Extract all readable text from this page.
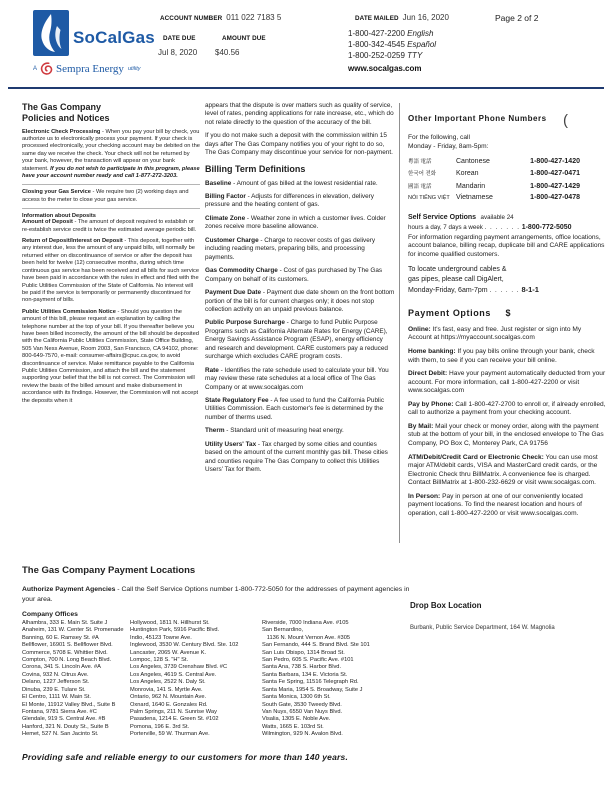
SoCalGas
A Sempra Energy utility
ACCOUNT NUMBER 011 022 7183 5
DATE DUE	AMOUNT DUE
Jul 8, 2020 $40.56
DATE MAILED Jun 16, 2020	Page 2 of 2
1-800-427-2200 English
1-800-342-4545 Español
1-800-252-0259 TTY
www.socalgas.com
The Gas Company
Policies and Notices

Electronic Check Processing - When you pay your bill by check, you authorize us to electronically process your payment. If your check is processed electronically, your checking account may be debited on the same day we receive the check. Your check will not be returned by your bank, however, the transaction will appear on your bank statement. If you do not wish to participate in this program, please have your account number ready and call 1-877-272-3203.

Closing your Gas Service - We require two (2) working days and access to the meter to close your gas service.

Information about Deposits

Amount of Deposit - The amount of deposit required to establish or re-establish service credit is twice the estimated average periodic bill.

Return of Deposit/Interest on Deposit - This deposit, together with any interest due, less the amount of any unpaid bills, will normally be returned either on discontinuance of service or after the deposit has been held for twelve (12) consecutive months, during which time continuous gas service has been received and all bills for such service have been paid in accordance with the rules in effect and filed with the Public Utilities Commission of the State of California. No interest will be paid if the service is temporarily or permanently discontinued for non-payment of bills.

Public Utilities Commission Notice - Should you question the amount of this bill, please request an explanation by calling the telephone number at the top of your bill. If you thereafter believe you have been billed incorrectly, the amount of the bill should be deposited with the California Public Utilities Commission, State Office Building, 505 Van Ness Avenue, Room 2003, San Francisco, CA 94102, phone: 800-649-7570, e-mail: consumer-affairs@cpuc.ca.gov, to avoid discontinuance of service. Make remittance payable to the California Public Utilities Commission, and attach the bill and the statement supporting your belief that the bill is not correct. The Commission will review the basis of the billed amount and make disbursement in accordance with its findings. However, the Commission will not accept the deposits when it

appears that the dispute is over matters such as quality of service, level of rates, pending applications for rate increase, etc., which do not relate directly to the question of the accuracy of the bill.

If you do not make such a deposit with the commission within 15 days after The Gas Company notifies you of your right to do so, The Gas Company may discontinue your service for non-payment.

Billing Term Definitions

Baseline - Amount of gas billed at the lowest residential rate.

Billing Factor - Adjusts for differences in elevation, delivery pressure and the heating content of gas.

Climate Zone - Weather zone in which a customer lives. Colder zones receive more baseline allowance.

Customer Charge - Charge to recover costs of gas delivery including reading meters, preparing bills, and processing payments.

Gas Commodity Charge - Cost of gas purchased by The Gas Company on behalf of its customers.

Payment Due Date - Payment due date shown on the front bottom portion of the bill is for current charges only; it does not stop collection activity on an unpaid previous balance.

Public Purpose Surcharge - Charge to fund Public Purpose Programs such as California Alternate Rates for Energy (CARE), Energy Savings Assistance Program (ESAP), energy efficiency and research and development. CARE customers pay a reduced surcharge which excludes CARE program costs.

Rate - Identifies the rate schedule used to calculate your bill. You may review these rate schedules at a local office of The Gas Company or at www.socalgas.com

State Regulatory Fee - A fee used to fund the California Public Utilities Commission. Each customer's fee is determined by the number of therms used.

Therm - Standard unit of measuring heat energy.

Utility Users' Tax - Tax charged by some cities and counties based on the amount of the current monthly gas bill. These cities and counties require The Gas Company to collect this Utilities Users' Tax for them.

Other Important Phone Numbers (

For the following, call
Monday - Friday, 8am-5pm:

粵語 電話	Cantonese	1-800-427-1420
한국어 전화	Korean	1-800-427-0471
國語 電話	Mandarin	1-800-427-1429
NÓI TIẾNG VIỆT Vietnamese	1-800-427-0478
Self Service Options available 24
hours a day, 7 days a week . . . . . . . 1-800-772-5050

For information regarding payment arrangements, office locations, account balance, billing recap, duplicate bill and CARE applications for income qualified customers.

To locate underground cables &
gas pipes, please call DigAlert,
Monday-Friday, 6am-7pm . . . . . . 8-1-1
Payment Options $

Online: It's fast, easy and free. Just register or sign into My Account at https://myaccount.socalgas.com

Home banking: If you pay bills online through your bank, check with them, to see if you can receive your bill online.

Direct Debit: Have your payment automatically deducted from your account. For more information, call 1-800-427-2200 or visit www.socalgas.com

Pay by Phone: Call 1-800-427-2700 to enroll or, if already enrolled, call to authorize a payment from your checking account.

By Mail: Mail your check or money order, along with the payment stub at the bottom of your bill, in the enclosed envelope to The Gas Company, PO Box C, Monterey Park, CA 91756

ATM/Debit/Credit Card or Electronic Check: You can use most major ATM/debit cards, VISA and MasterCard credit cards, or the Electronic Check thru BillMatrix. A convenience fee is charged. Contact BillMatrix at 1-800-232-6629 or visit www.socalgas.com.

In Person: Pay in person at one of our conveniently located payment locations. To find the nearest location and hours of operation, call 1-800-427-2200 or visit www.socalgas.com.

The Gas Company Payment Locations

Authorize Payment Agencies - Call the Self Service Options number 1-800-772-5050 for the addresses of payment agencies in your area.

Company Offices
Alhambra, 333 E. Main St. Suite J
Anaheim, 131 W. Center St. Promenade
Banning, 60 E. Ramsey St. #A
Bellflower, 16901 S. Bellflower Blvd.
Commerce, 5708 E. Whittier Blvd.
Compton, 700 N. Long Beach Blvd.
Corona, 341 S. Lincoln Ave. #A
Covina, 932 N. Citrus Ave.
Delano, 1227 Jefferson St.
Dinuba, 239 E. Tulare St.
El Centro, 1111 W. Main St.
El Monte, 11912 Valley Blvd., Suite B
Fontana, 9781 Sierra Ave. #C
Glendale, 919 S. Central Ave. #B
Hanford, 321 N. Douty St., Suite B
Hemet, 527 N. San Jacinto St.
Hollywood, 1811 N. Hillhurst St.
Huntington Park, 5916 Pacific Blvd.
Indio, 45123 Towne Ave.
Inglewood, 3530 W. Century Blvd. Ste. 102
Lancaster, 2065 W. Avenue K.
Lompoc, 128 S. "H" St.
Los Angeles, 3739 Crenshaw Blvd. #C
Los Angeles, 4619 S. Central Ave.
Los Angeles, 2522 N. Daly St.
Monrovia, 141 S. Myrtle Ave.
Ontario, 962 N. Mountain Ave.
Oxnard, 1640 E. Gonzales Rd.
Palm Springs, 211 N. Sunrise Way
Pasadena, 1214 E. Green St. #102
Pomona, 196 E. 3rd St.
Porterville, 59 W. Thurman Ave.
Riverside, 7000 Indiana Ave. #105
San Bernardino,
1136 N. Mount Vernon Ave. #305
San Fernando, 444 S. Brand Blvd. Ste 101
San Luis Obispo, 1314 Broad St.
San Pedro, 605 S. Pacific Ave. #101
Santa Ana, 738 S. Harbor Blvd.
Santa Barbara, 134 E. Victoria St.
Santa Fe Spring, 11516 Telegraph Rd.
Santa Maria, 1954 S. Broadway, Suite J
Santa Monica, 1300 6th St.
South Gate, 3530 Tweedy Blvd.
Van Nuys, 6550 Van Nuys Blvd.
Visalia, 1305 E. Noble Ave.
Watts, 1665 E. 103rd St.
Wilmington, 929 N. Avalon Blvd.
Drop Box Location

Burbank, Public Service Department, 164 W. Magnolia

Providing safe and reliable energy to our customers for more than 140 years.
